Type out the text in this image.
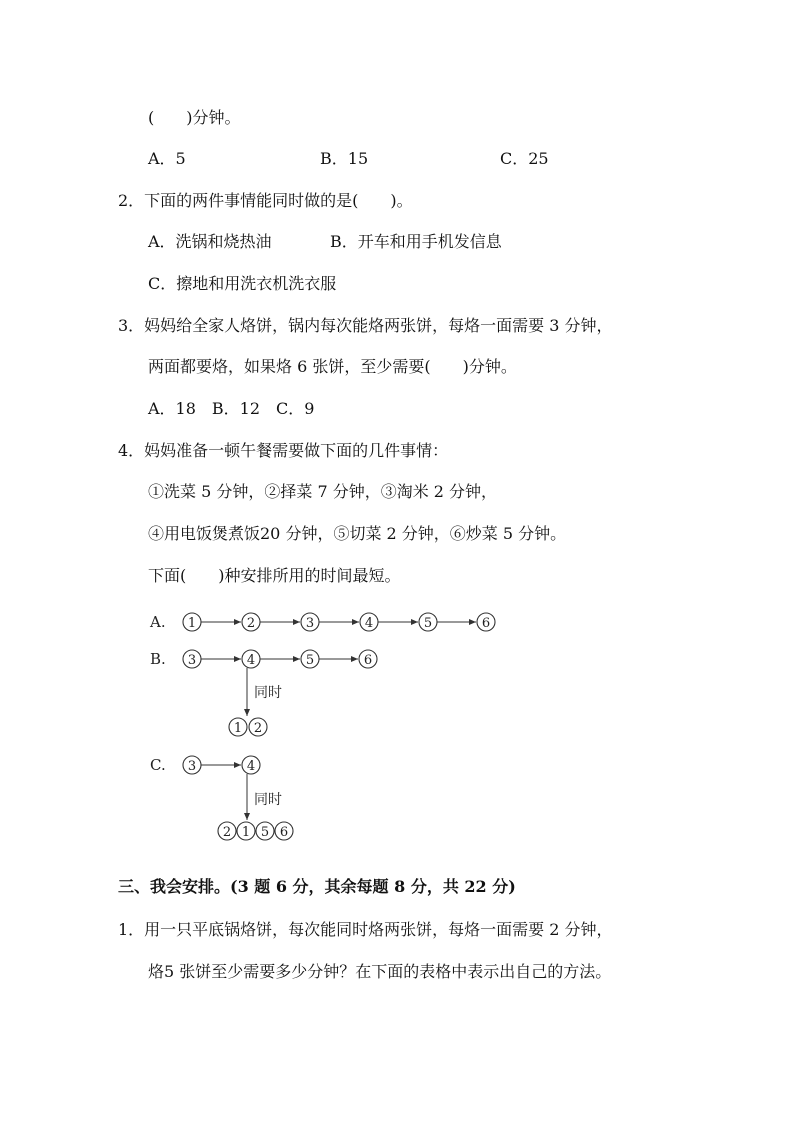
(　　)分钟。
A．5	B．15	C．25
2．下面的两件事情能同时做的是(　　)。
A．洗锅和烧热油	B．开车和用手机发信息
C．擦地和用洗衣机洗衣服
3．妈妈给全家人烙饼，锅内每次能烙两张饼，每烙一面需要 3 分钟，
两面都要烙，如果烙 6 张饼，至少需要(　　)分钟。
A．18　B．12　C．9
4．妈妈准备一顿午餐需要做下面的几件事情：
①洗菜 5 分钟，②择菜 7 分钟，③淘米 2 分钟，
④用电饭煲煮饭20 分钟，⑤切菜 2 分钟，⑥炒菜 5 分钟。
下面(　　)种安排所用的时间最短。
A.
B.
C.
1	2	3	4	5	6
3	4	5	6
1 2
同时
3	4
2 1 5 6
同时
三、我会安排。(3 题 6 分，其余每题 8 分，共 22 分)
1．用一只平底锅烙饼，每次能同时烙两张饼，每烙一面需要 2 分钟，
烙5 张饼至少需要多少分钟？在下面的表格中表示出自己的方法。
